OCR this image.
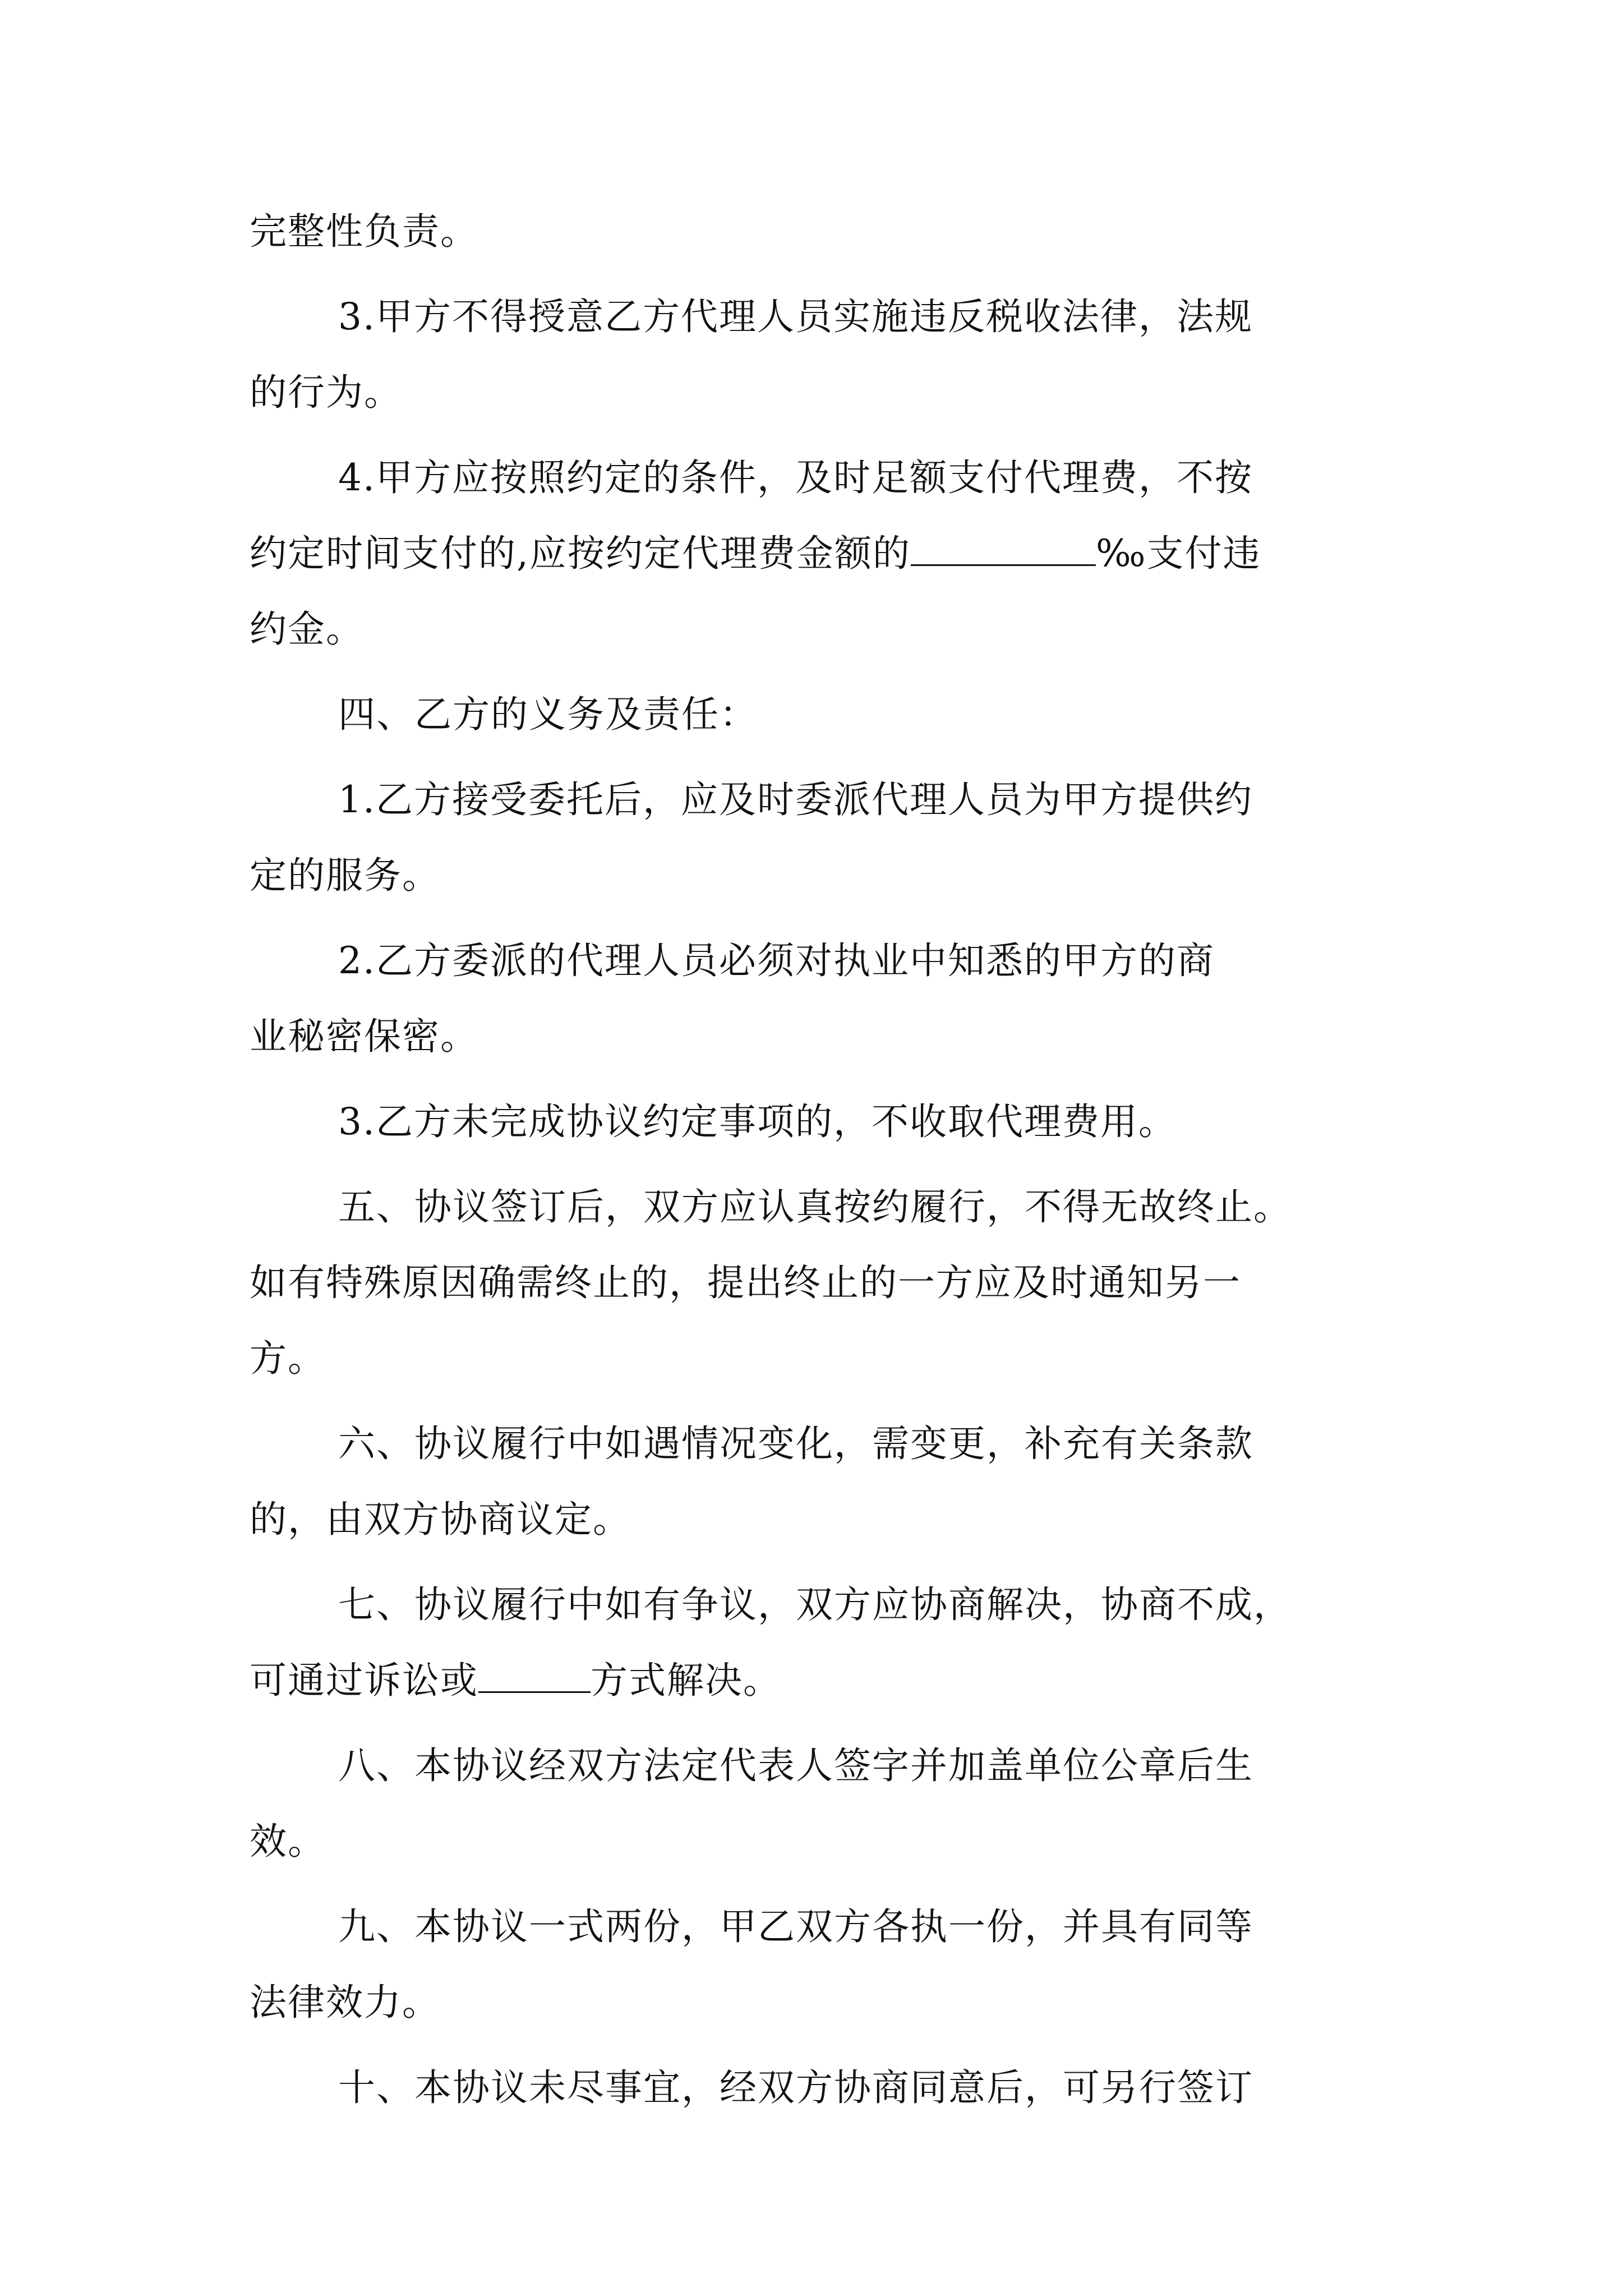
完整性负责。
3.甲方不得授意乙方代理人员实施违反税收法律，法规
的行为。
4.甲方应按照约定的条件，及时足额支付代理费，不按
约定时间支付的,应按约定代理费金额的	‰支付违
约金。
四、乙方的义务及责任：
1.乙方接受委托后，应及时委派代理人员为甲方提供约
定的服务。
2.乙方委派的代理人员必须对执业中知悉的甲方的商
业秘密保密。
3.乙方未完成协议约定事项的，不收取代理费用。
五、协议签订后，双方应认真按约履行，不得无故终止。
如有特殊原因确需终止的，提出终止的一方应及时通知另一
方。
六、协议履行中如遇情况变化，需变更，补充有关条款
的，由双方协商议定。
七、协议履行中如有争议，双方应协商解决，协商不成，
可通过诉讼或	方式解决。
八、本协议经双方法定代表人签字并加盖单位公章后生
效。
九、本协议一式两份，甲乙双方各执一份，并具有同等
法律效力。
十、本协议未尽事宜，经双方协商同意后，可另行签订
